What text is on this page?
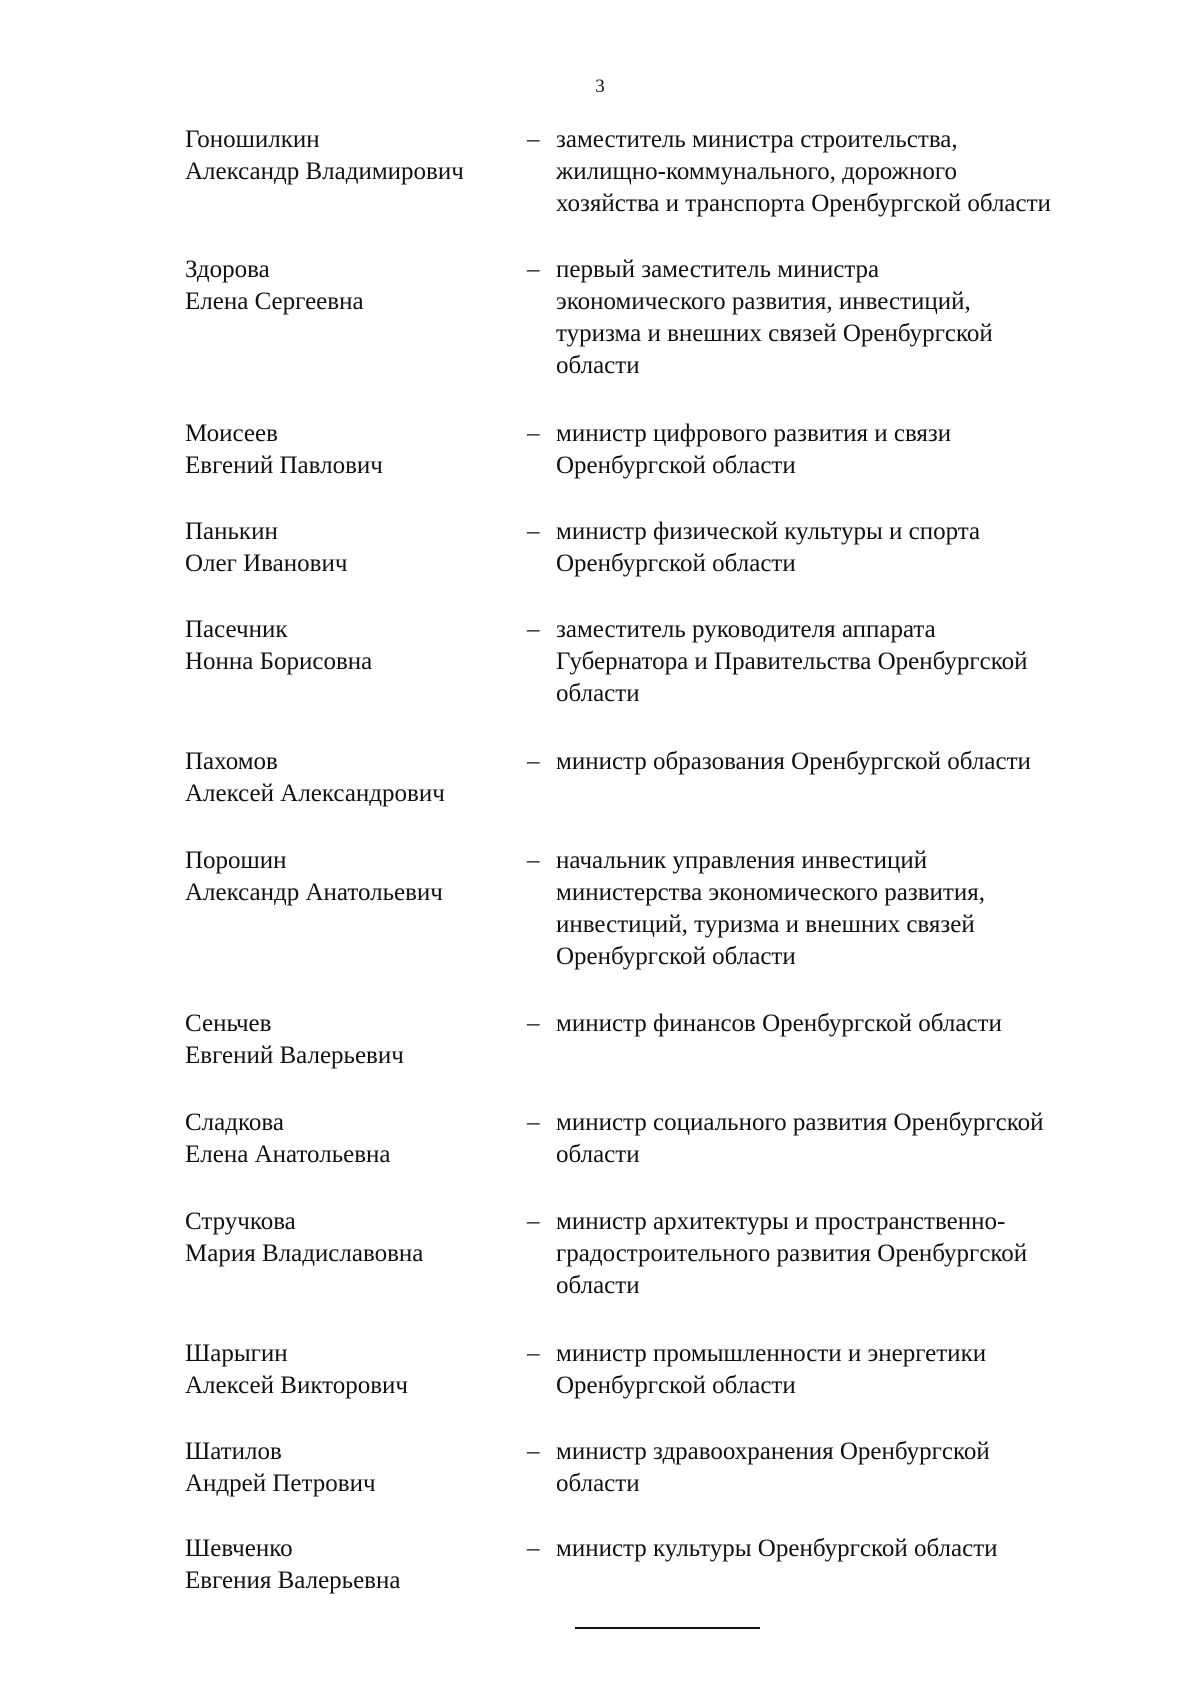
3
Гоношилкин
Александр Владимирович
– заместитель министра строительства,
жилищно-коммунального, дорожного
хозяйства и транспорта Оренбургской области
Здорова
Елена Сергеевна
– первый заместитель министра
экономического развития, инвестиций,
туризма и внешних связей Оренбургской
области
Моисеев
Евгений Павлович
– министр цифрового развития и связи
Оренбургской области
Панькин
Олег Иванович
– министр физической культуры и спорта
Оренбургской области
Пасечник
Нонна Борисовна
– заместитель руководителя аппарата
Губернатора и Правительства Оренбургской
области
Пахомов
Алексей Александрович
– министр образования Оренбургской области
Порошин
Александр Анатольевич
– начальник управления инвестиций
министерства экономического развития,
инвестиций, туризма и внешних связей
Оренбургской области
Сеньчев
Евгений Валерьевич
– министр финансов Оренбургской области
Сладкова
Елена Анатольевна
– министр социального развития Оренбургской
области
Стручкова
Мария Владиславовна
– министр архитектуры и пространственно-
градостроительного развития Оренбургской
области
Шарыгин
Алексей Викторович
– министр промышленности и энергетики
Оренбургской области
Шатилов
Андрей Петрович
– министр здравоохранения Оренбургской
области
Шевченко
Евгения Валерьевна
– министр культуры Оренбургской области
